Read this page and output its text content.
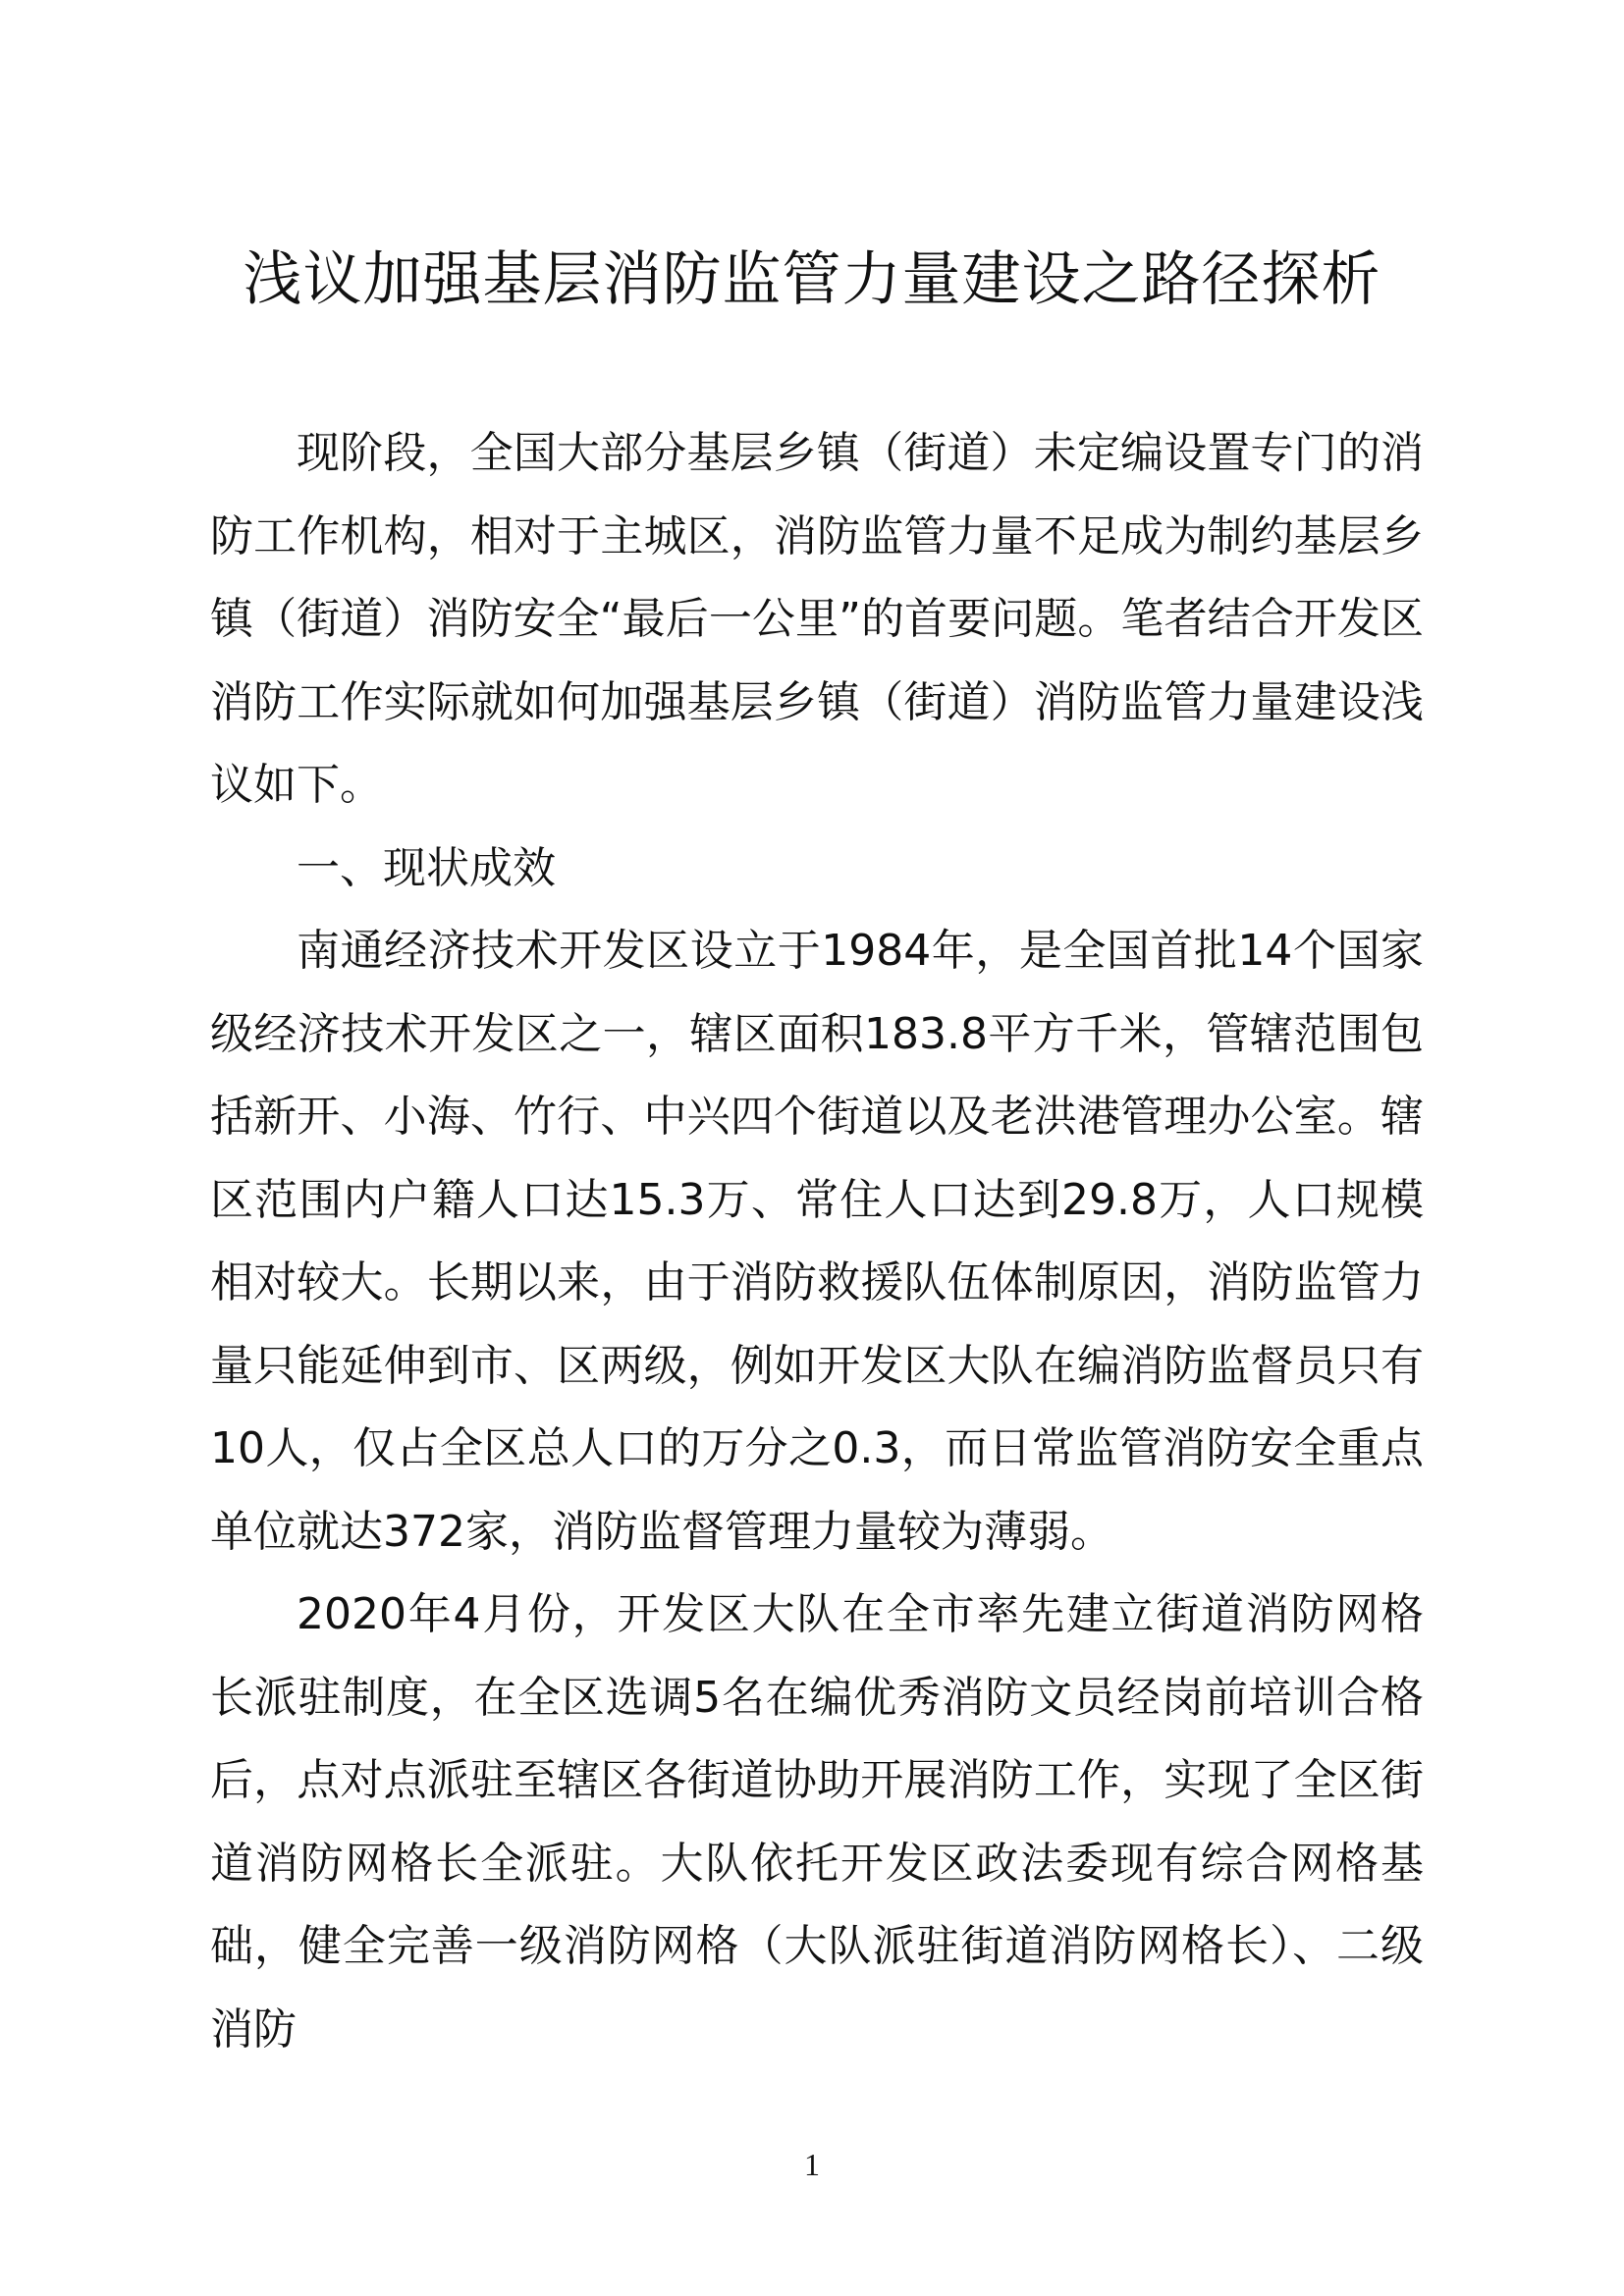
浅议加强基层消防监管力量建设之路径探析

现阶段，全国大部分基层乡镇（街道）未定编设置专门的消防工作机构，相对于主城区，消防监管力量不足成为制约基层乡镇（街道）消防安全“最后一公里”的首要问题。笔者结合开发区消防工作实际就如何加强基层乡镇（街道）消防监管力量建设浅议如下。

一、现状成效

南通经济技术开发区设立于1984年，是全国首批14个国家级经济技术开发区之一，辖区面积183.8平方千米，管辖范围包括新开、小海、竹行、中兴四个街道以及老洪港管理办公室。辖区范围内户籍人口达15.3万、常住人口达到29.8万，人口规模相对较大。长期以来，由于消防救援队伍体制原因，消防监管力量只能延伸到市、区两级，例如开发区大队在编消防监督员只有10人，仅占全区总人口的万分之0.3，而日常监管消防安全重点单位就达372家，消防监督管理力量较为薄弱。

2020年4月份，开发区大队在全市率先建立街道消防网格长派驻制度，在全区选调5名在编优秀消防文员经岗前培训合格后，点对点派驻至辖区各街道协助开展消防工作，实现了全区街道消防网格长全派驻。大队依托开发区政法委现有综合网格基础，健全完善一级消防网格（大队派驻街道消防网格长）、二级消防

1
